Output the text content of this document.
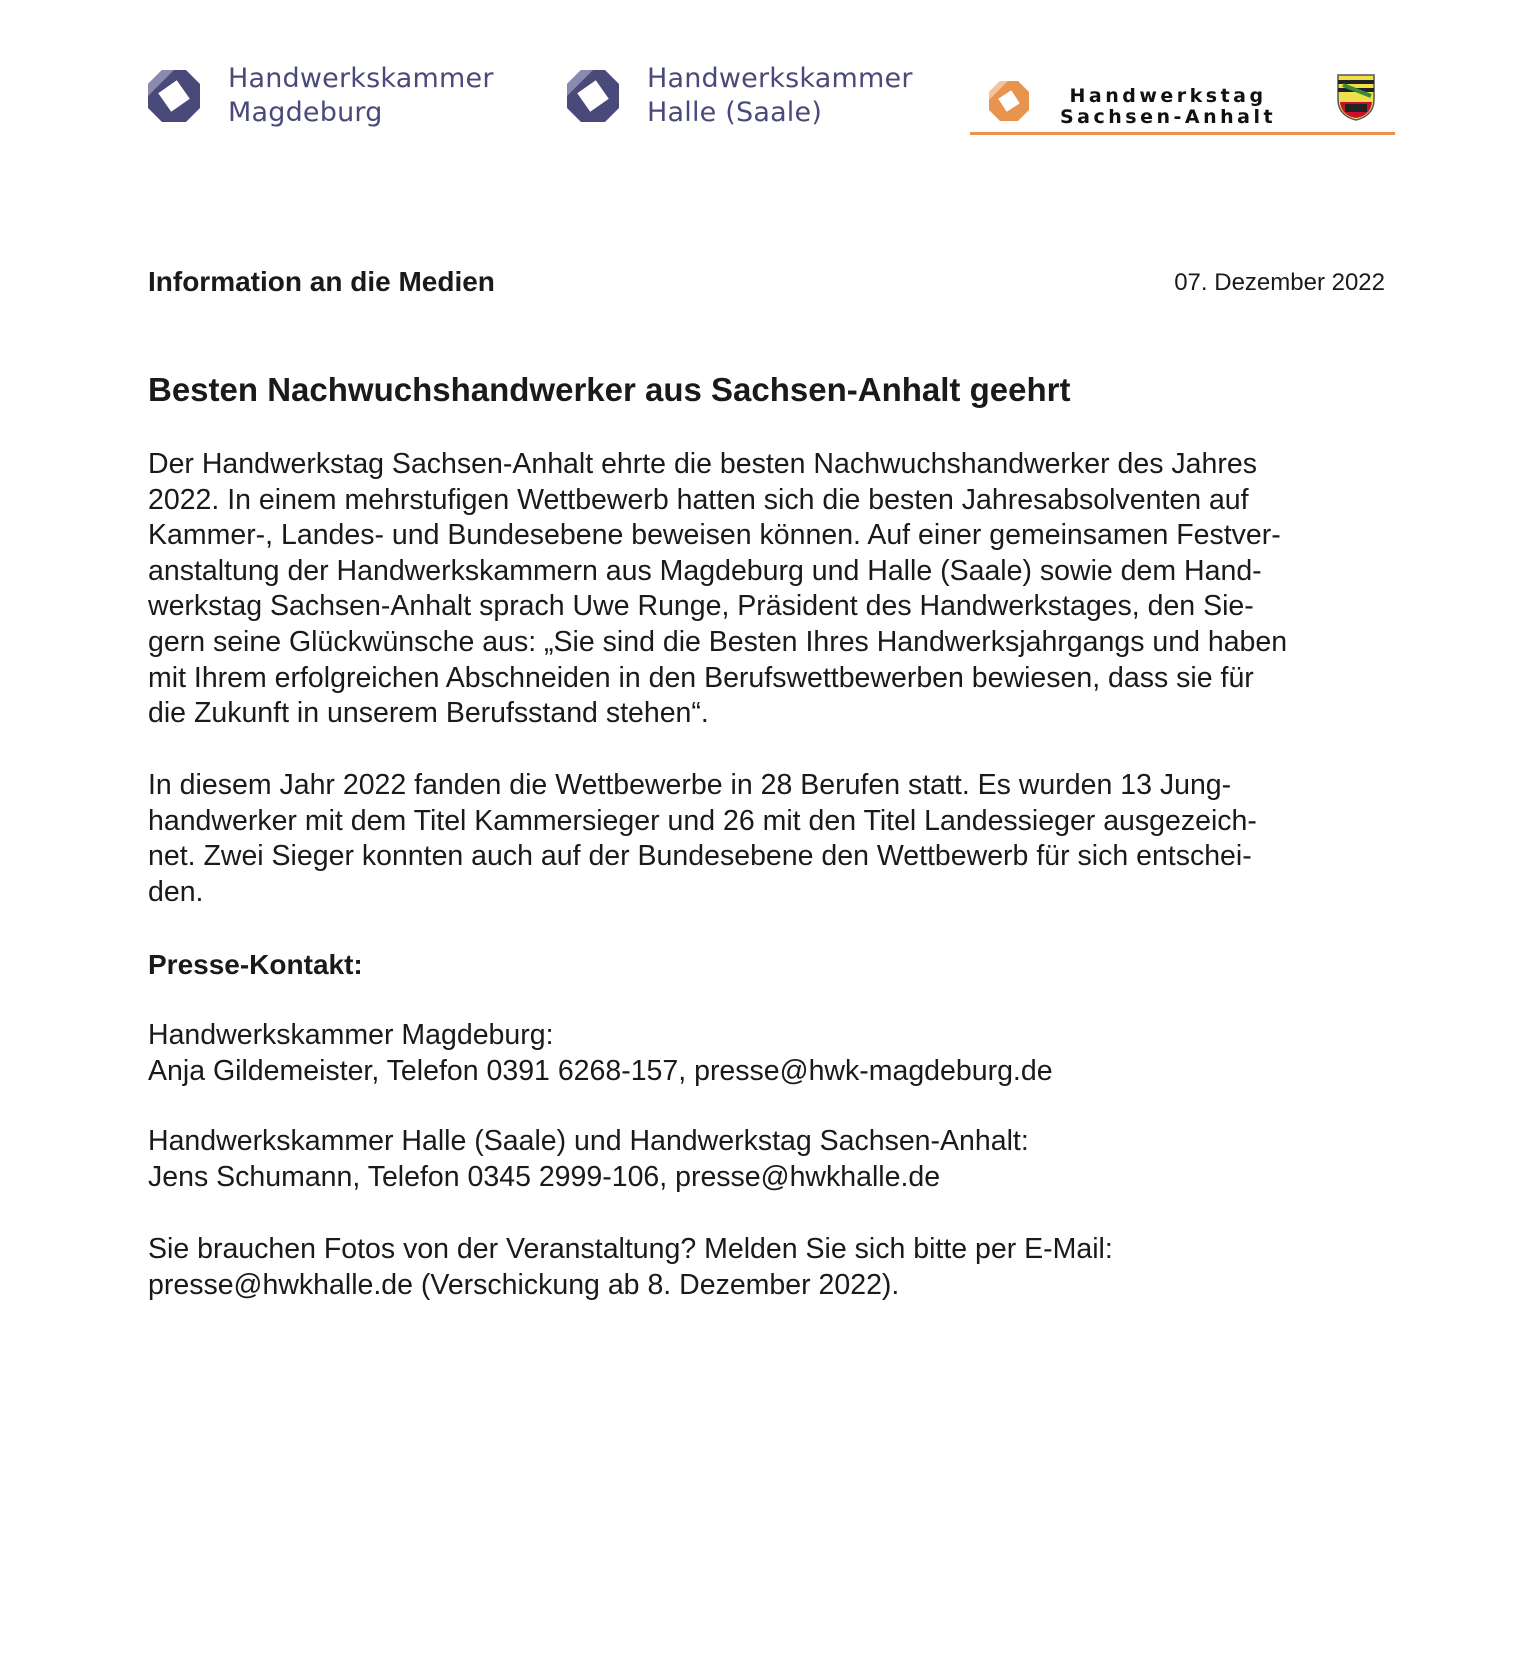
Handwerkskammer
Magdeburg
Handwerkskammer
Halle (Saale)
Handwerkstag
Sachsen-Anhalt
Information an die Medien	07. Dezember 2022
Besten Nachwuchshandwerker aus Sachsen-Anhalt geehrt
Der Handwerkstag Sachsen-Anhalt ehrte die besten Nachwuchshandwerker des Jahres
2022. In einem mehrstufigen Wettbewerb hatten sich die besten Jahresabsolventen auf
Kammer-, Landes- und Bundesebene beweisen können. Auf einer gemeinsamen Festver-
anstaltung der Handwerkskammern aus Magdeburg und Halle (Saale) sowie dem Hand-
werkstag Sachsen-Anhalt sprach Uwe Runge, Präsident des Handwerkstages, den Sie-
gern seine Glückwünsche aus: „Sie sind die Besten Ihres Handwerksjahrgangs und haben
mit Ihrem erfolgreichen Abschneiden in den Berufswettbewerben bewiesen, dass sie für
die Zukunft in unserem Berufsstand stehen“.
In diesem Jahr 2022 fanden die Wettbewerbe in 28 Berufen statt. Es wurden 13 Jung-
handwerker mit dem Titel Kammersieger und 26 mit den Titel Landessieger ausgezeich-
net. Zwei Sieger konnten auch auf der Bundesebene den Wettbewerb für sich entschei-
den.
Presse-Kontakt:
Handwerkskammer Magdeburg:
Anja Gildemeister, Telefon 0391 6268-157, presse@hwk-magdeburg.de
Handwerkskammer Halle (Saale) und Handwerkstag Sachsen-Anhalt:
Jens Schumann, Telefon 0345 2999-106, presse@hwkhalle.de
Sie brauchen Fotos von der Veranstaltung? Melden Sie sich bitte per E-Mail:
presse@hwkhalle.de (Verschickung ab 8. Dezember 2022).
